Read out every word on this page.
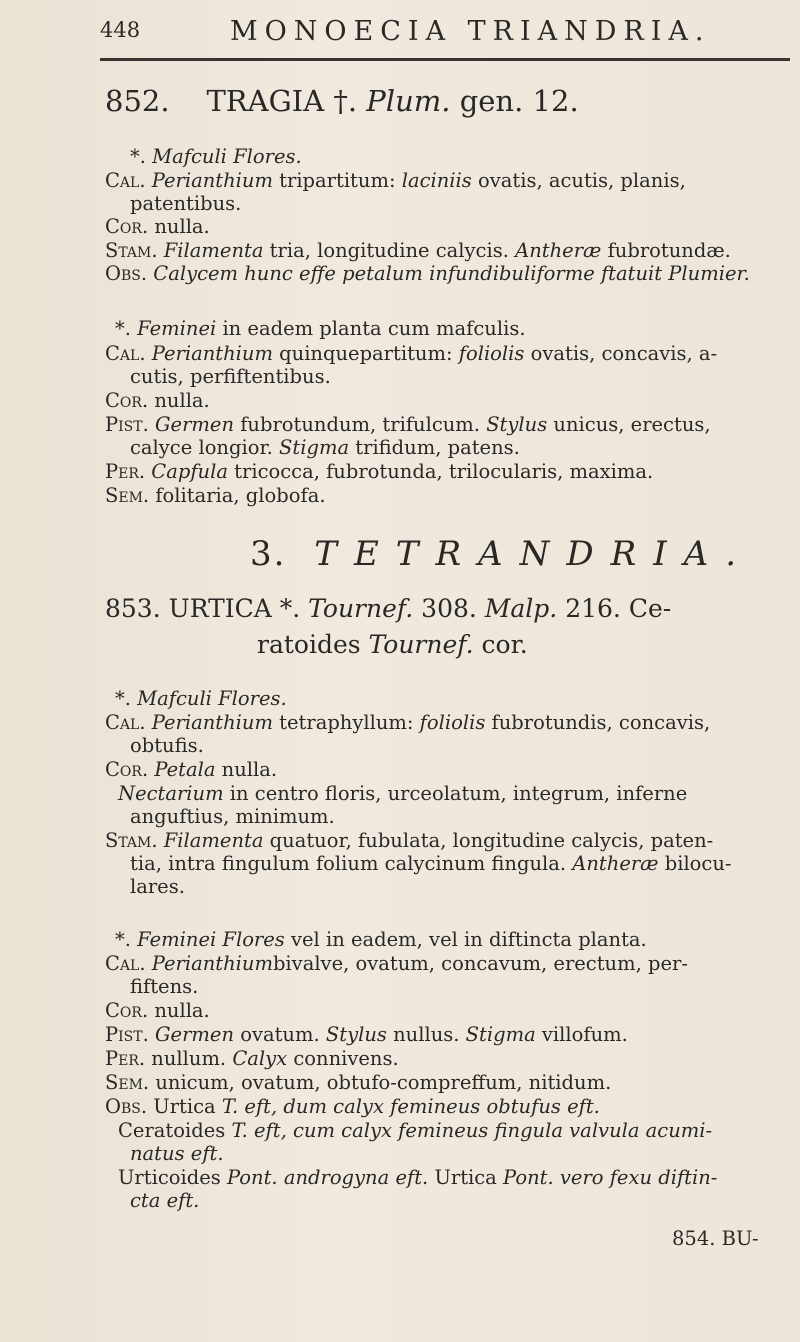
448	MONOECIA TRIANDRIA.
852. TRAGIA †. Plum. gen. 12.
*. Mafculi Flores.
Cal. Perianthium tripartitum: laciniis ovatis, acutis, planis,
patentibus.
Cor. nulla.
Stam. Filamenta tria, longitudine calycis. Antheræ fubrotundæ.
Obs. Calycem hunc effe petalum infundibuliforme ftatuit Plumier.
*. Feminei in eadem planta cum mafculis.
Cal. Perianthium quinquepartitum: foliolis ovatis, concavis, a-
cutis, perfiftentibus.
Cor. nulla.
Pist. Germen fubrotundum, trifulcum. Stylus unicus, erectus,
calyce longior. Stigma trifidum, patens.
Per. Capfula tricocca, fubrotunda, trilocularis, maxima.
Sem. folitaria, globofa.
3. TETRANDRIA.
853. URTICA *. Tournef. 308. Malp. 216. Ce-
ratoides Tournef. cor.
*. Mafculi Flores.
Cal. Perianthium tetraphyllum: foliolis fubrotundis, concavis,
obtufis.
Cor. Petala nulla.
Nectarium in centro floris, urceolatum, integrum, inferne
anguftius, minimum.
Stam. Filamenta quatuor, fubulata, longitudine calycis, paten-
tia, intra fingulum folium calycinum fingula. Antheræ bilocu-
lares.
*. Feminei Flores vel in eadem, vel in diftincta planta.
Cal. Perianthiumbivalve, ovatum, concavum, erectum, per-
fiftens.
Cor. nulla.
Pist. Germen ovatum. Stylus nullus. Stigma villofum.
Per. nullum. Calyx connivens.
Sem. unicum, ovatum, obtufo-compreffum, nitidum.
Obs. Urtica T. eft, dum calyx femineus obtufus eft.
Ceratoides T. eft, cum calyx femineus fingula valvula acumi-
natus eft.
Urticoides Pont. androgyna eft. Urtica Pont. vero fexu diftin-
cta eft.
854. BU-
